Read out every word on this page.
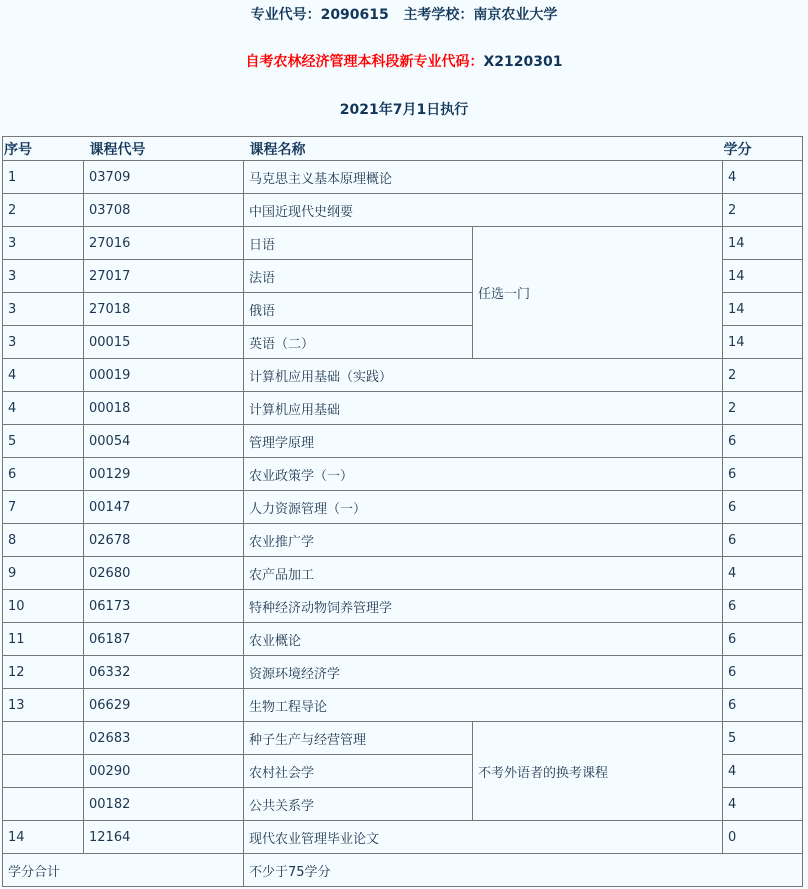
专业代号：2090615 主考学校：南京农业大学
自考农林经济管理本科段新专业代码：X2120301
2021年7月1日执行
序号	课程代号	课程名称		学分
1	03709	马克思主义基本原理概论		4
2	03708	中国近现代史纲要		2
3	27016	日语	任选一门	14
3	27017	法语		14
3	27018	俄语		14
3	00015	英语（二）		14
4	00019	计算机应用基础（实践）		2
4	00018	计算机应用基础		2
5	00054	管理学原理		6
6	00129	农业政策学（一）		6
7	00147	人力资源管理（一）		6
8	02678	农业推广学		6
9	02680	农产品加工		4
10	06173	特种经济动物饲养管理学		6
11	06187	农业概论		6
12	06332	资源环境经济学		6
13	06629	生物工程导论		6
	02683	种子生产与经营管理	不考外语者的换考课程	5
	00290	农村社会学		4
	00182	公共关系学		4
14	12164	现代农业管理毕业论文		0
学分合计		不少于75学分		
